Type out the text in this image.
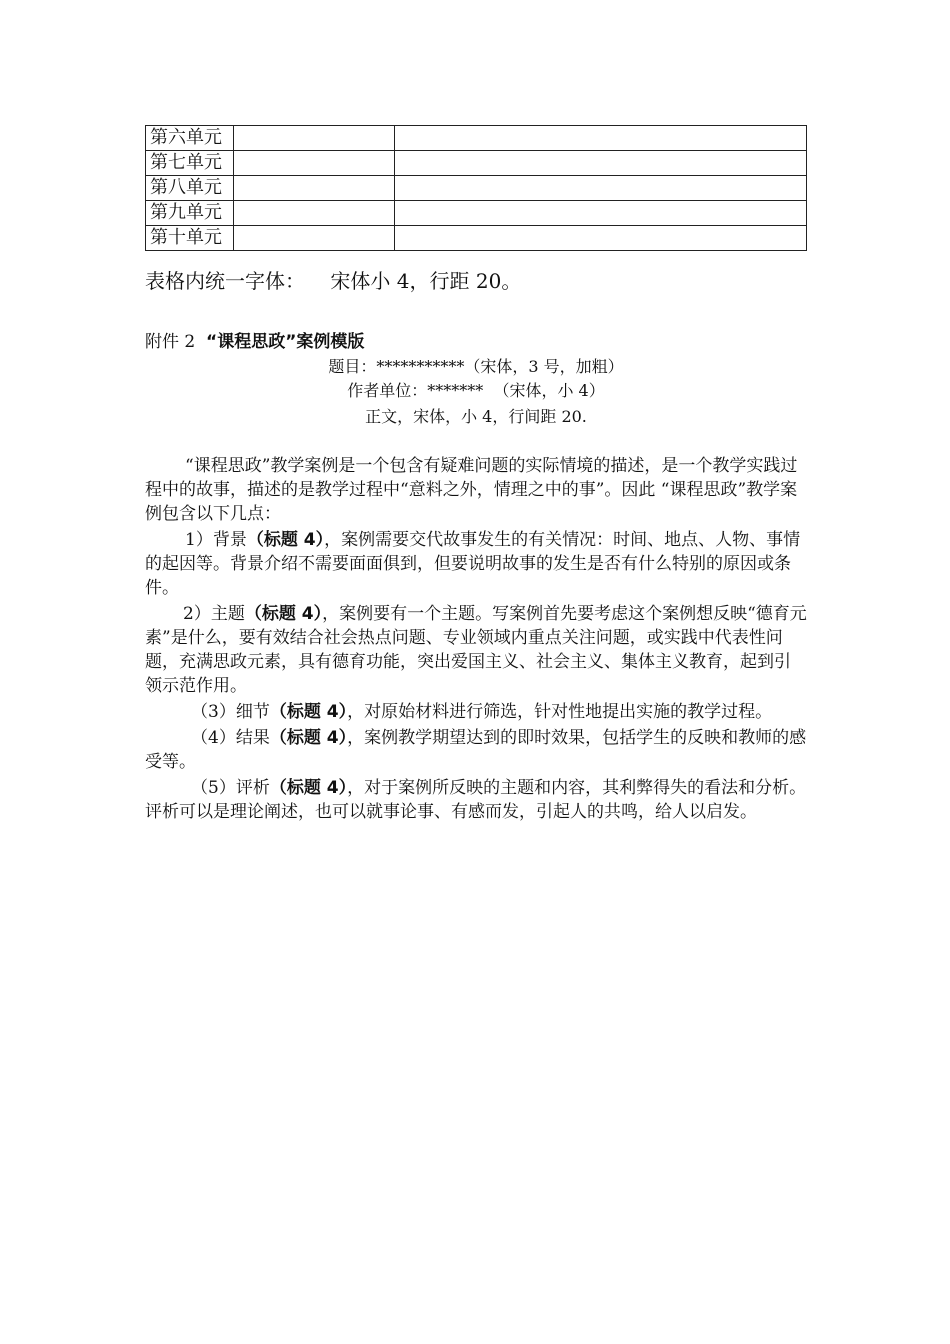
第六单元		
第七单元		
第八单元		
第九单元		
第十单元		
表格内统一字体：    宋体小 4，行距 20。
附件 2  “课程思政”案例模版
题目：***********（宋体，3 号，加粗）
作者单位：*******  （宋体，小 4）
正文，宋体，小 4，行间距 20.

“课程思政”教学案例是一个包含有疑难问题的实际情境的描述，是一个教学实践过程中的故事，描述的是教学过程中“意料之外，情理之中的事”。因此 “课程思政”教学案例包含以下几点：

1）背景（标题 4），案例需要交代故事发生的有关情况：时间、地点、人物、事情的起因等。背景介绍不需要面面俱到，但要说明故事的发生是否有什么特别的原因或条件。

2）主题（标题 4），案例要有一个主题。写案例首先要考虑这个案例想反映“德育元素”是什么，要有效结合社会热点问题、专业领域内重点关注问题，或实践中代表性问题，充满思政元素，具有德育功能，突出爱国主义、社会主义、集体主义教育，起到引领示范作用。

（3）细节（标题 4），对原始材料进行筛选，针对性地提出实施的教学过程。

（4）结果（标题 4），案例教学期望达到的即时效果，包括学生的反映和教师的感受等。

（5）评析（标题 4），对于案例所反映的主题和内容，其利弊得失的看法和分析。评析可以是理论阐述，也可以就事论事、有感而发，引起人的共鸣，给人以启发。
